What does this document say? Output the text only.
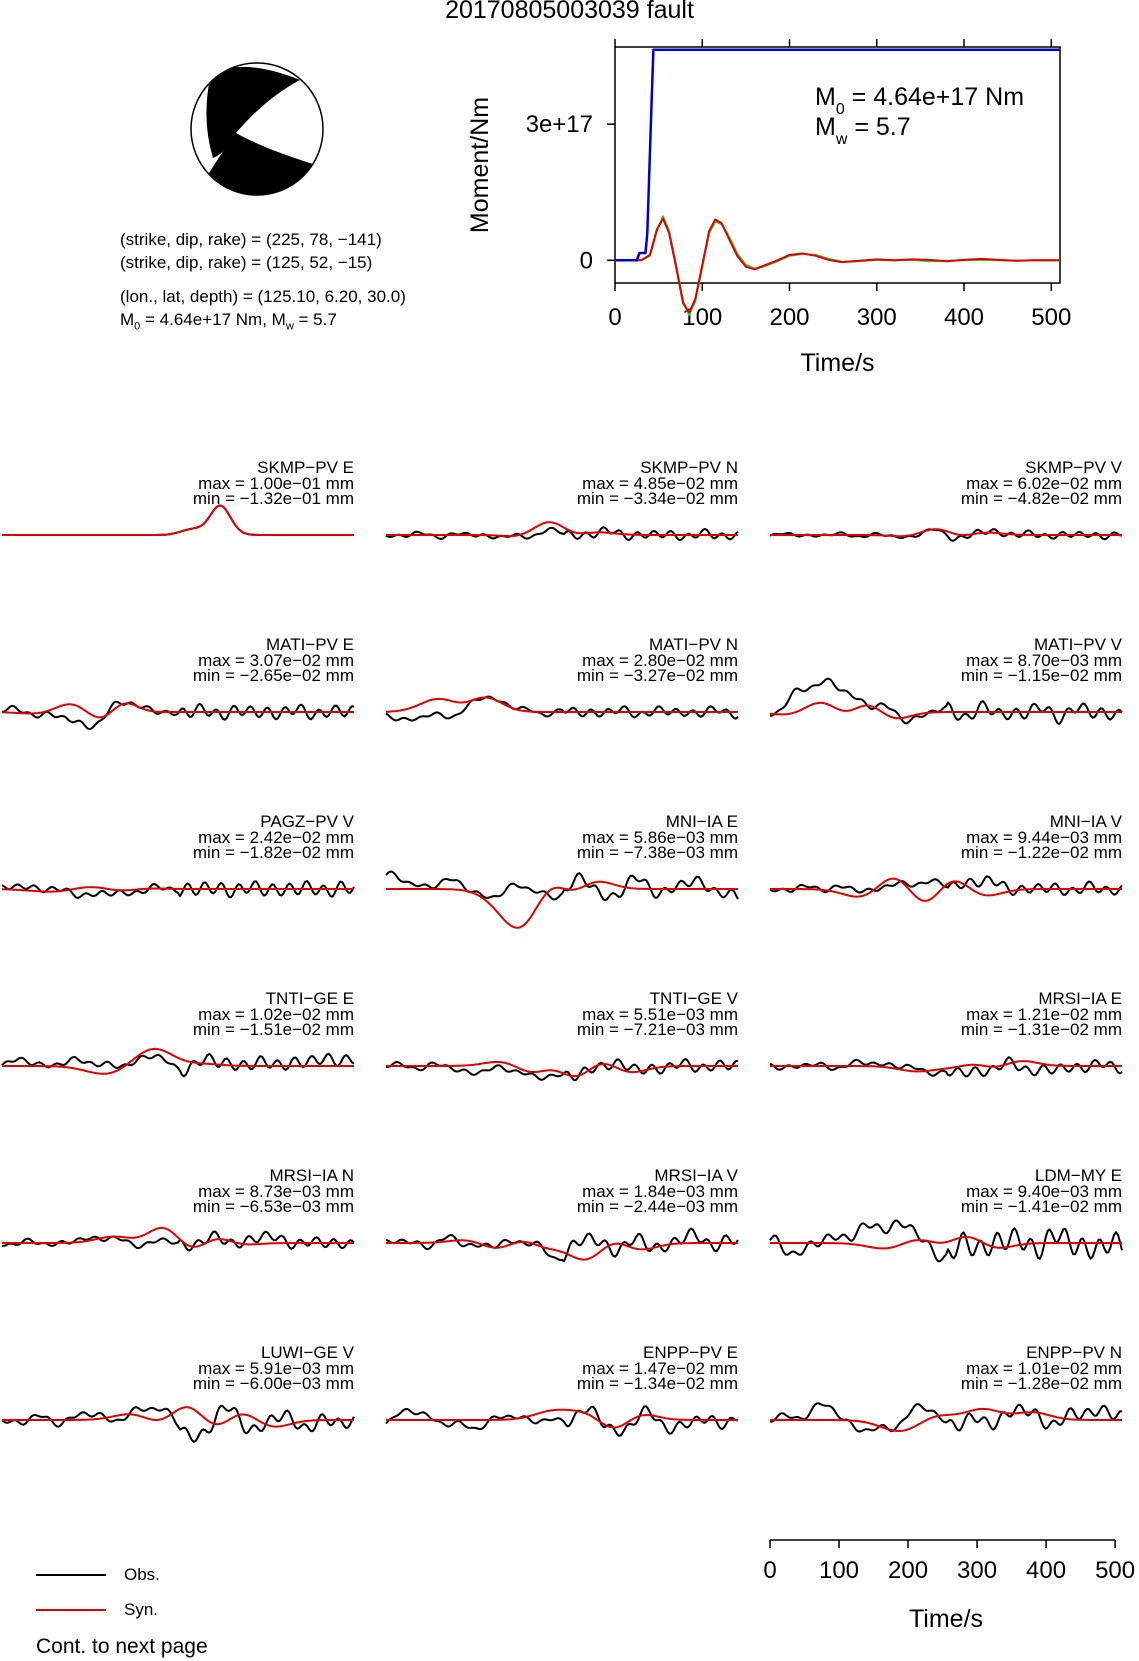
20170805003039 fault
(strike, dip, rake) = (225, 78, −141)
(strike, dip, rake) = (125, 52, −15)
(lon., lat, depth) = (125.10, 6.20, 30.0)
$M_0 = 4.64e+17$ Nm, $M_w = 5.7$	0	100 200 300 400 500
0
3e+17
Time/s
Moment/Nm	$M_0 = 4.64e+17$ Nm
$M_w = 5.7$
SKMP−PV E
max = 1.00e−01 mm
min = −1.32e−01 mm
SKMP−PV N
max = 4.85e−02 mm
min = −3.34e−02 mm
SKMP−PV V
max = 6.02e−02 mm
min = −4.82e−02 mm
MATI−PV E
max = 3.07e−02 mm
min = −2.65e−02 mm
MATI−PV N
max = 2.80e−02 mm
min = −3.27e−02 mm
MATI−PV V
max = 8.70e−03 mm
min = −1.15e−02 mm
PAGZ−PV V
max = 2.42e−02 mm
min = −1.82e−02 mm
MNI−IA E
max = 5.86e−03 mm
min = −7.38e−03 mm
MNI−IA V
max = 9.44e−03 mm
min = −1.22e−02 mm
TNTI−GE E
max = 1.02e−02 mm
min = −1.51e−02 mm
TNTI−GE V
max = 5.51e−03 mm
min = −7.21e−03 mm
MRSI−IA E
max = 1.21e−02 mm
min = −1.31e−02 mm
MRSI−IA N
max = 8.73e−03 mm
min = −6.53e−03 mm
MRSI−IA V
max = 1.84e−03 mm
min = −2.44e−03 mm
LDM−MY E
max = 9.40e−03 mm
min = −1.41e−02 mm
LUWI−GE V
max = 5.91e−03 mm
min = −6.00e−03 mm
ENPP−PV E
max = 1.47e−02 mm
min = −1.34e−02 mm
ENPP−PV N
max = 1.01e−02 mm
min = −1.28e−02 mm
0 100 200 300 400 500
Time/s
Obs.
Syn.
Cont. to next page
